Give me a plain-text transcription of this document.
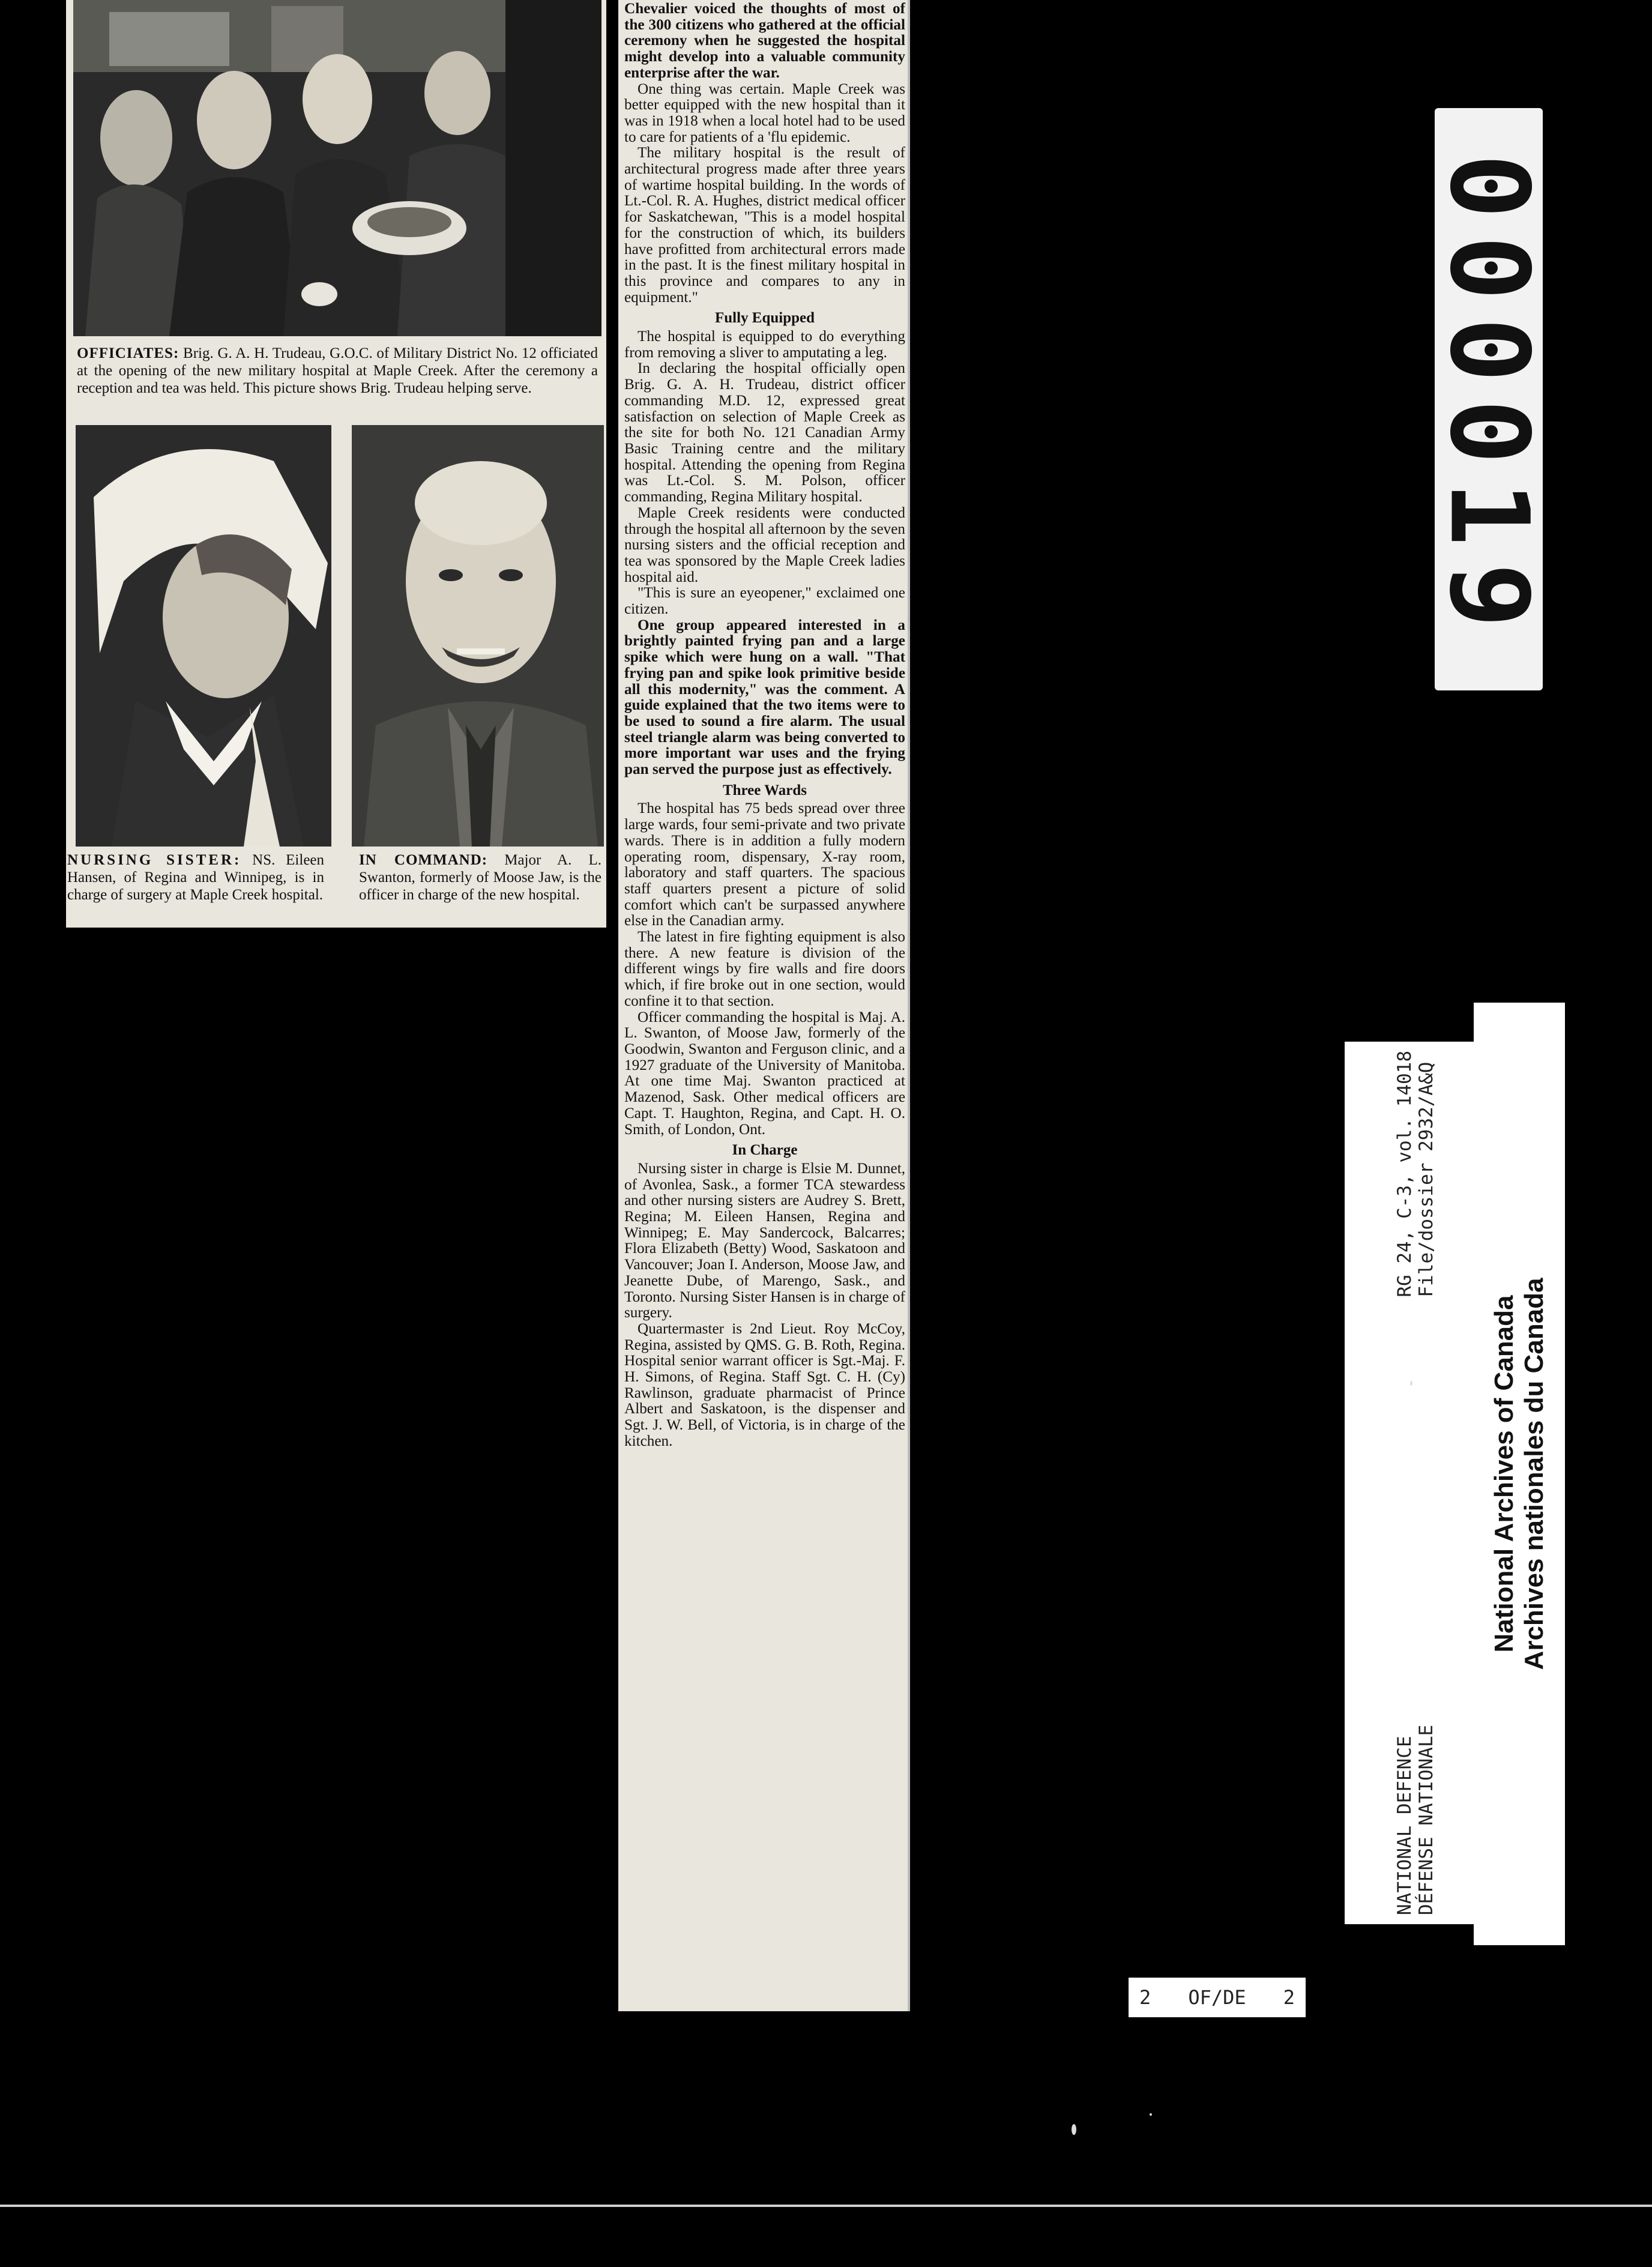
OFFICIATES: Brig. G. A. H. Trudeau, G.O.C. of Military District No. 12 officiated at the opening of the new military hospital at Maple Creek. After the ceremony a reception and tea was held. This picture shows Brig. Trudeau helping serve.

NURSING SISTER: NS. Eileen Hansen, of Regina and Winnipeg, is in charge of surgery at Maple Creek hospital.

IN COMMAND: Major A. L. Swanton, formerly of Moose Jaw, is the officer in charge of the new hospital.

Chevalier voiced the thoughts of most of the 300 citizens who gathered at the official ceremony when he suggested the hospital might develop into a valuable community enterprise after the war.

One thing was certain. Maple Creek was better equipped with the new hospital than it was in 1918 when a local hotel had to be used to care for patients of a 'flu epidemic.

The military hospital is the result of architectural progress made after three years of wartime hospital building. In the words of Lt.-Col. R. A. Hughes, district medical officer for Saskatchewan, "This is a model hospital for the construction of which, its builders have profitted from architectural errors made in the past. It is the finest military hospital in this province and compares to any in equipment."

Fully Equipped

The hospital is equipped to do everything from removing a sliver to amputating a leg.

In declaring the hospital officially open Brig. G. A. H. Trudeau, district officer commanding M.D. 12, expressed great satisfaction on selection of Maple Creek as the site for both No. 121 Canadian Army Basic Training centre and the military hospital. Attending the opening from Regina was Lt.-Col. S. M. Polson, officer commanding, Regina Military hospital.

Maple Creek residents were conducted through the hospital all afternoon by the seven nursing sisters and the official reception and tea was sponsored by the Maple Creek ladies hospital aid.

"This is sure an eyeopener," exclaimed one citizen.

One group appeared interested in a brightly painted frying pan and a large spike which were hung on a wall. "That frying pan and spike look primitive beside all this modernity," was the comment. A guide explained that the two items were to be used to sound a fire alarm. The usual steel triangle alarm was being converted to more important war uses and the frying pan served the purpose just as effectively.

Three Wards

The hospital has 75 beds spread over three large wards, four semi-private and two private wards. There is in addition a fully modern operating room, dispensary, X-ray room, laboratory and staff quarters. The spacious staff quarters present a picture of solid comfort which can't be surpassed anywhere else in the Canadian army.

The latest in fire fighting equipment is also there. A new feature is division of the different wings by fire walls and fire doors which, if fire broke out in one section, would confine it to that section.

Officer commanding the hospital is Maj. A. L. Swanton, of Moose Jaw, formerly of the Goodwin, Swanton and Ferguson clinic, and a 1927 graduate of the University of Manitoba. At one time Maj. Swanton practiced at Mazenod, Sask. Other medical officers are Capt. T. Haughton, Regina, and Capt. H. O. Smith, of London, Ont.

In Charge

Nursing sister in charge is Elsie M. Dunnet, of Avonlea, Sask., a former TCA stewardess and other nursing sisters are Audrey S. Brett, Regina; M. Eileen Hansen, Regina and Winnipeg; E. May Sandercock, Balcarres; Flora Elizabeth (Betty) Wood, Saskatoon and Vancouver; Joan I. Anderson, Moose Jaw, and Jeanette Dube, of Marengo, Sask., and Toronto. Nursing Sister Hansen is in charge of surgery.

Quartermaster is 2nd Lieut. Roy McCoy, Regina, assisted by QMS. G. B. Roth, Regina. Hospital senior warrant officer is Sgt.-Maj. F. H. Simons, of Regina. Staff Sgt. C. H. (Cy) Rawlinson, graduate pharmacist of Prince Albert and Saskatoon, is the dispenser and Sgt. J. W. Bell, of Victoria, is in charge of the kitchen.

000019
NATIONAL DEFENCE DÉFENSE NATIONALE
RG 24, C-3, vol. 14018 File/dossier 2932/A&Q
National Archives of Canada Archives nationales du Canada
2 OF/DE 2
